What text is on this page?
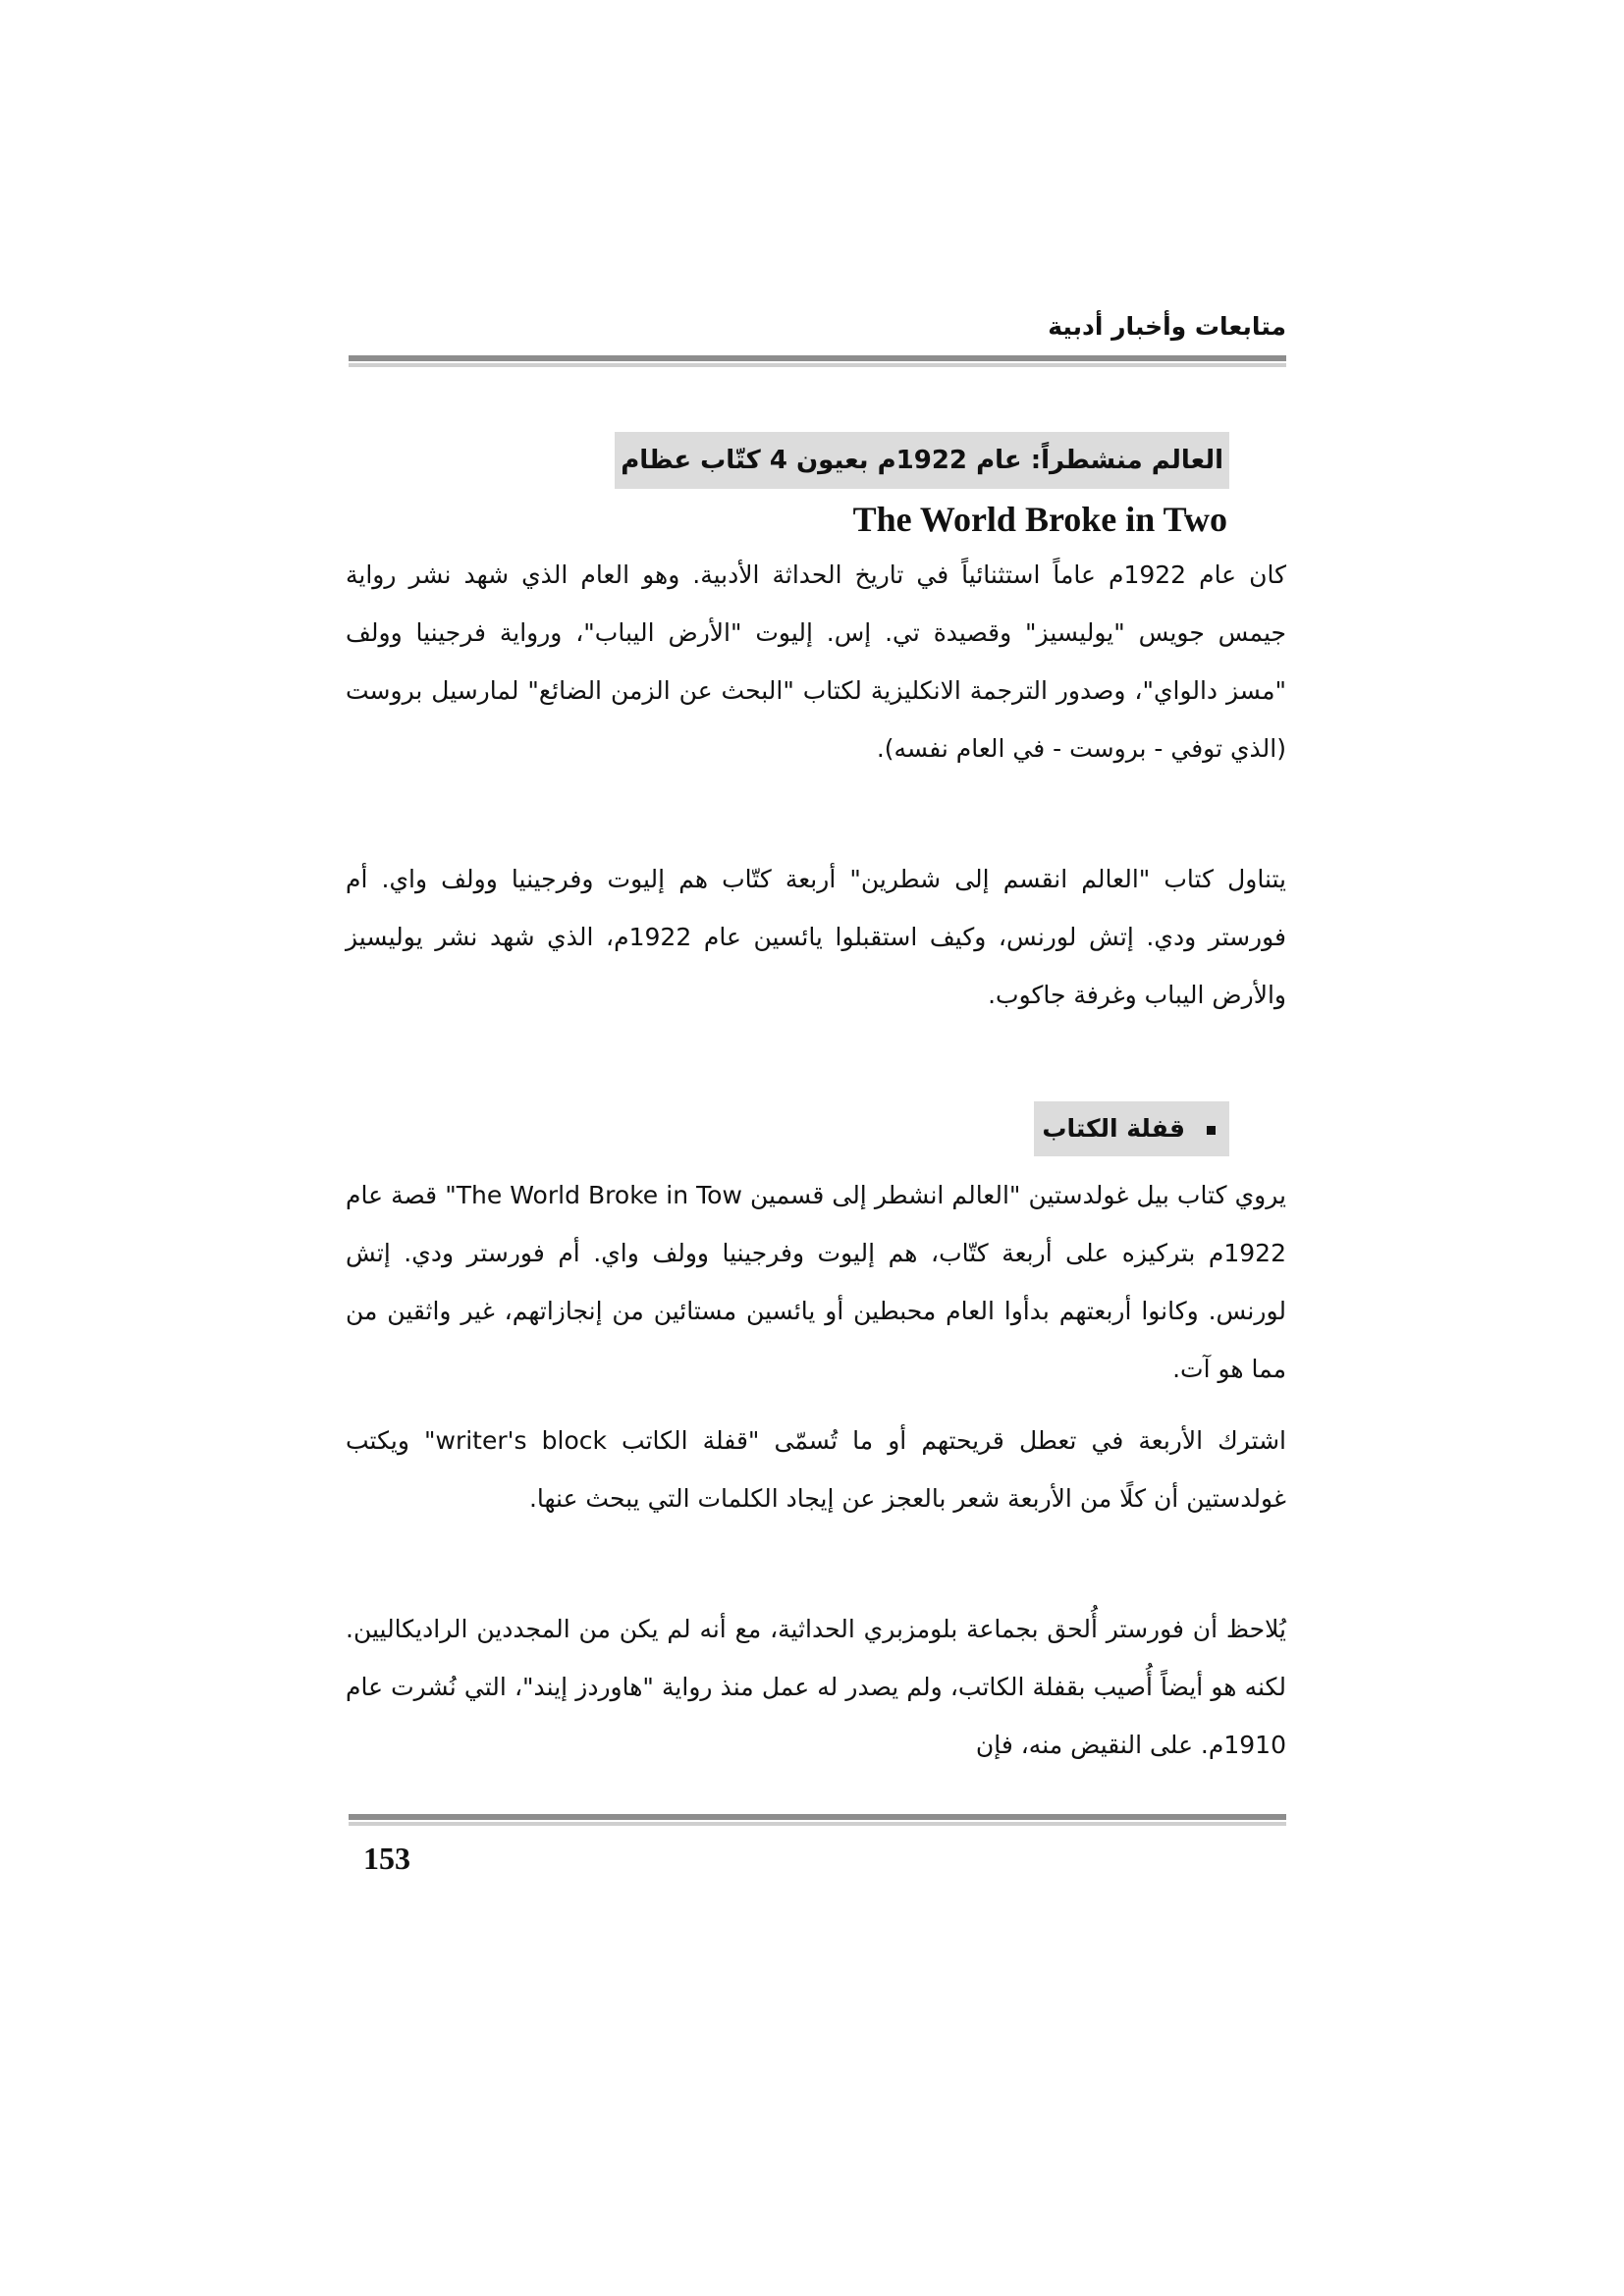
متابعات وأخبار أدبية
العالم منشطراً: عام 1922م بعيون 4 كتّاب عظام
The World Broke in Two

كان عام 1922م عاماً استثنائياً في تاريخ الحداثة الأدبية. وهو العام الذي شهد نشر رواية جيمس جويس "يوليسيز" وقصيدة تي. إس. إليوت "الأرض اليباب"، ورواية فرجينيا وولف "مسز دالواي"، وصدور الترجمة الانكليزية لكتاب "البحث عن الزمن الضائع" لمارسيل بروست (الذي توفي - بروست - في العام نفسه).

يتناول كتاب "العالم انقسم إلى شطرين" أربعة كتّاب هم إليوت وفرجينيا وولف واي. أم فورستر ودي. إتش لورنس، وكيف استقبلوا يائسين عام 1922م، الذي شهد نشر يوليسيز والأرض اليباب وغرفة جاكوب.

قفلة الكتاب

يروي كتاب بيل غولدستين "العالم انشطر إلى قسمين The World Broke in Tow" قصة عام 1922م بتركيزه على أربعة كتّاب، هم إليوت وفرجينيا وولف واي. أم فورستر ودي. إتش لورنس. وكانوا أربعتهم بدأوا العام محبطين أو يائسين مستائين من إنجازاتهم، غير واثقين من مما هو آت.

اشترك الأربعة في تعطل قريحتهم أو ما تُسمّى "قفلة الكاتب writer's block" ويكتب غولدستين أن كلًا من الأربعة شعر بالعجز عن إيجاد الكلمات التي يبحث عنها.

يُلاحظ أن فورستر أُلحق بجماعة بلومزبري الحداثية، مع أنه لم يكن من المجددين الراديكاليين. لكنه هو أيضاً أُصيب بقفلة الكاتب، ولم يصدر له عمل منذ رواية "هاوردز إيند"، التي نُشرت عام 1910م. على النقيض منه، فإن

153
